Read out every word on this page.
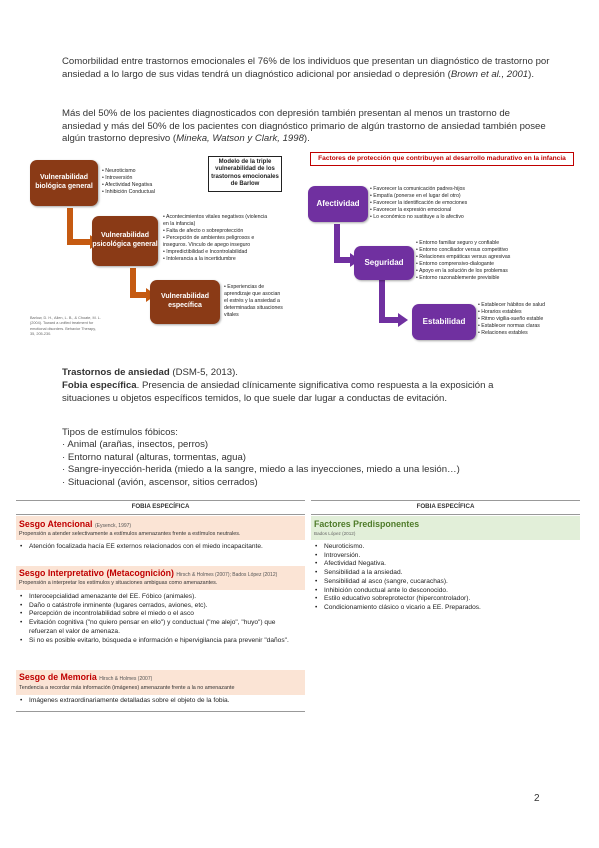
Comorbilidad entre trastornos emocionales el 76% de los individuos que presentan un diagnóstico de trastorno por ansiedad a lo largo de sus vidas tendrá un diagnóstico adicional por ansiedad o depresión (Brown et al., 2001).
Más del 50% de los pacientes diagnosticados con depresión también presentan al menos un trastorno de ansiedad y más del 50% de los pacientes con diagnóstico primario de algún trastorno de ansiedad también posee algún trastorno depresivo (Mineka, Watson y Clark, 1998).
Vulnerabilidad biológica general
Vulnerabilidad psicológica general
Vulnerabilidad específica
Modelo de la triple vulnerabilidad de los trastornos emocionales de Barlow
• Neuroticismo
• Introversión
• Afectividad Negativa
• Inhibición Conductual
• Acontecimientos vitales negativos (violencia en la infancia)
• Falta de afecto o sobreprotección
• Percepción de ambientes peligrosos e inseguros. Vínculo de apego inseguro
• Impredictibilidad e Incontrolabilidad
• Intolerancia a la incertidumbre
• Experiencias de aprendizaje que asocian el estrés y la ansiedad a determinadas situaciones vitales
Barlow, D. H., Allen, L. B., & Choate, M. L. (2004). Toward a unified treatment for emotional disorders. Behavior Therapy, 35, 205-230.
Factores de protección que contribuyen al desarrollo madurativo en la infancia
Afectividad
Seguridad
Estabilidad
• Favorecer la comunicación padres-hijos
• Empatía (ponerse en el lugar del otro)
• Favorecer la identificación de emociones
• Favorecer la expresión emocional
• Lo económico no sustituye a lo afectivo
• Entorno familiar seguro y confiable
• Entorno conciliador versus competitivo
• Relaciones empáticas versus agresivas
• Entorno comprensivo-dialogante
• Apoyo en la solución de los problemas
• Entorno razonablemente previsible
• Establecer hábitos de salud
• Horarios estables
• Ritmo vigilia-sueño estable
• Establecer normas claras
• Relaciones estables
Trastornos de ansiedad (DSM-5, 2013).
Fobia específica. Presencia de ansiedad clínicamente significativa como respuesta a la exposición a situaciones u objetos específicos temidos, lo que suele dar lugar a conductas de evitación.
Tipos de estímulos fóbicos:
· Animal (arañas, insectos, perros)
· Entorno natural (alturas, tormentas, agua)
· Sangre-inyección-herida (miedo a la sangre, miedo a las inyecciones, miedo a una lesión…)
· Situacional (avión, ascensor, sitios cerrados)
FOBIA ESPECÍFICA
Sesgo Atencional (Eysenck, 1997)
Propensión a atender selectivamente a estímulos amenazantes frente a estímulos neutrales.
• Atención focalizada hacía EE externos relacionados con el miedo incapacitante.
Sesgo Interpretativo (Metacognición) Hirsch & Holmes (2007); Bados López (2012)
Propensión a interpretar los estímulos y situaciones ambiguas como amenazantes.
• Interocepcialidad amenazante del EE. Fóbico (animales).
• Daño o catástrofe inminente (lugares cerrados, aviones, etc).
• Percepción de incontrolabilidad sobre el miedo o el asco
• Evitación cognitiva ("no quiero pensar en ello") y conductual ("me alejo", "huyo") que refuerzan el valor de amenaza.
• Si no es posible evitarlo, búsqueda e información e hipervigilancia para prevenir "daños".
Sesgo de Memoria Hirsch & Holmes (2007)
Tendencia a recordar más información (imágenes) amenazante frente a la no amenazante
• Imágenes extraordinariamente detalladas sobre el objeto de la fobia.
FOBIA ESPECÍFICA
Factores Predisponentes
Bados López (2012)
• Neuroticismo.
• Introversión.
• Afectividad Negativa.
• Sensibilidad a la ansiedad.
• Sensibilidad al asco (sangre, cucarachas).
• Inhibición conductual ante lo desconocido.
• Estilo educativo sobreprotector (hipercontrolador).
• Condicionamiento clásico o vicario a EE. Preparados.
2
